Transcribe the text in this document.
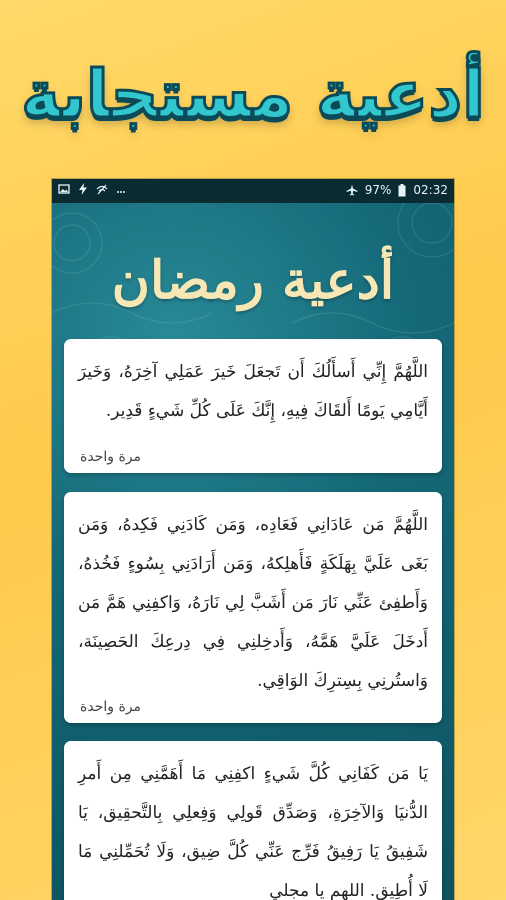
أدعية مستجابة
97% 02:32
أدعية رمضان
اللَّهُمَّ إِنِّي أَسأَلُكَ أَن تَجعَلَ خَيرَ عَمَلِي آخِرَهُ، وَخَيرَ أَيَّامِي يَومًا أَلقَاكَ فِيهِ، إِنَّكَ عَلَى كُلِّ شَيءٍ قَدِير.
مرة واحدة
اللَّهُمَّ مَن عَادَانِي فَعَادِه، وَمَن كَادَنِي فَكِدهُ، وَمَن بَغَى عَلَيَّ بِهَلَكَةٍ فَأَهلِكهُ، وَمَن أَرَادَنِي بِسُوءٍ فَخُذهُ، وَأَطفِئ عَنِّي نَارَ مَن أَشَبَّ لِي نَارَهُ، وَاكفِنِي هَمَّ مَن أَدخَلَ عَلَيَّ هَمَّهُ، وَأَدخِلنِي فِي دِرعِكَ الحَصِينَة، وَاستُرنِي بِسِترِكَ الوَاقِي.
مرة واحدة
يَا مَن كَفَانِي كُلَّ شَيءٍ اكفِنِي مَا أَهَمَّنِي مِن أَمرِ الدُّنيَا وَالآخِرَةِ، وَصَدِّق قَولِي وَفِعلِي بِالتَّحقِيق، يَا شَفِيقُ يَا رَفِيقُ فَرِّج عَنِّي كُلَّ ضِيق، وَلَا تُحَمِّلنِي مَا لَا أُطِيق. اللهم يا مجلي
